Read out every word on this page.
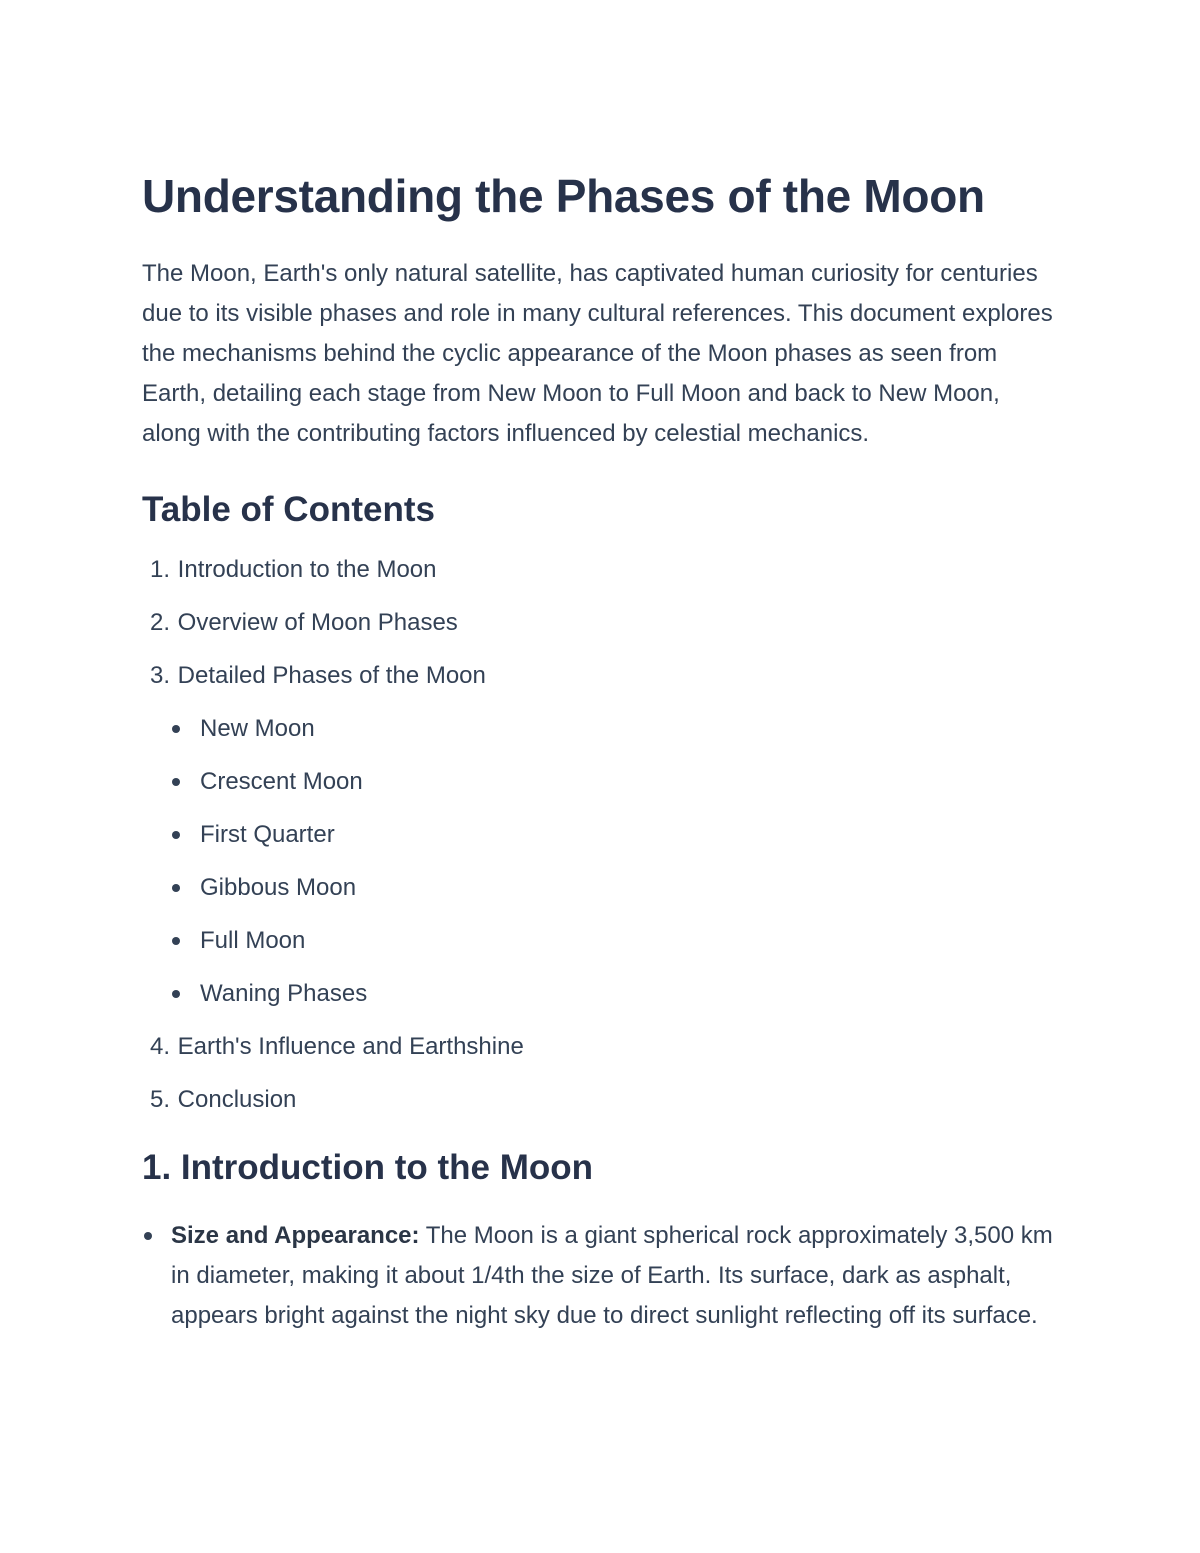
Understanding the Phases of the Moon

The Moon, Earth's only natural satellite, has captivated human curiosity for centuries due to its visible phases and role in many cultural references. This document explores the mechanisms behind the cyclic appearance of the Moon phases as seen from Earth, detailing each stage from New Moon to Full Moon and back to New Moon, along with the contributing factors influenced by celestial mechanics.

Table of Contents
1. Introduction to the Moon
2. Overview of Moon Phases
3. Detailed Phases of the Moon
New Moon
Crescent Moon
First Quarter
Gibbous Moon
Full Moon
Waning Phases
4. Earth's Influence and Earthshine
5. Conclusion
1. Introduction to the Moon
Size and Appearance: The Moon is a giant spherical rock approximately 3,500 km in diameter, making it about 1/4th the size of Earth. Its surface, dark as asphalt, appears bright against the night sky due to direct sunlight reflecting off its surface.
